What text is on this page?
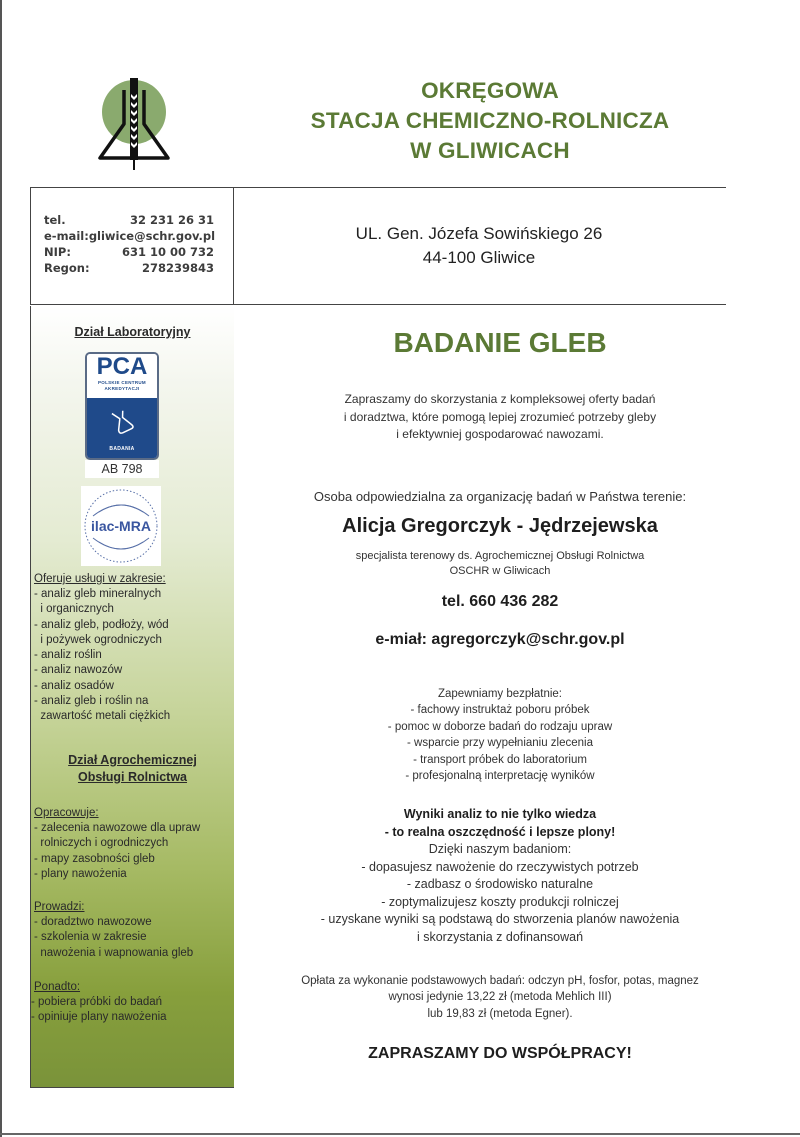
OKRĘGOWA
STACJA CHEMICZNO-ROLNICZA
W GLIWICACH
tel.	32 231 26 31
e-mail: gliwice@schr.gov.pl
NIP:	631 10 00 732
Regon:	278239843
UL. Gen. Józefa Sowińskiego 26
44-100 Gliwice
Dział Laboratoryjny
PCA
POLSKIE CENTRUM
AKREDYTACJI
BADANIA
AB 798
ilac-MRA
Oferuje usługi w zakresie:
- analiz gleb mineralnych
i organicznych
- analiz gleb, podłoży, wód
i pożywek ogrodniczych
- analiz roślin
- analiz nawozów
- analiz osadów
- analiz gleb i roślin na
zawartość metali ciężkich
Dział Agrochemicznej
Obsługi Rolnictwa
Opracowuje:
- zalecenia nawozowe dla upraw
rolniczych i ogrodniczych
- mapy zasobności gleb
- plany nawożenia
Prowadzi:
- doradztwo nawozowe
- szkolenia w zakresie
nawożenia i wapnowania gleb
Ponadto:
- pobiera próbki do badań
- opiniuje plany nawożenia
BADANIE GLEB
Zapraszamy do skorzystania z kompleksowej oferty badań
i doradztwa, które pomogą lepiej zrozumieć potrzeby gleby
i efektywniej gospodarować nawozami.
Osoba odpowiedzialna za organizację badań w Państwa terenie:
Alicja Gregorczyk - Jędrzejewska
specjalista terenowy ds. Agrochemicznej Obsługi Rolnictwa
OSCHR w Gliwicach
tel. 660 436 282
e-miał: agregorczyk@schr.gov.pl
Zapewniamy bezpłatnie:
- fachowy instruktaż poboru próbek
- pomoc w doborze badań do rodzaju upraw
- wsparcie przy wypełnianiu zlecenia
- transport próbek do laboratorium
- profesjonalną interpretację wyników
Wyniki analiz to nie tylko wiedza
- to realna oszczędność i lepsze plony!
Dzięki naszym badaniom:
- dopasujesz nawożenie do rzeczywistych potrzeb
- zadbasz o środowisko naturalne
- zoptymalizujesz koszty produkcji rolniczej
- uzyskane wyniki są podstawą do stworzenia planów nawożenia
i skorzystania z dofinansowań
Opłata za wykonanie podstawowych badań: odczyn pH, fosfor, potas, magnez
wynosi jedynie 13,22 zł (metoda Mehlich III)
lub 19,83 zł (metoda Egner).
ZAPRASZAMY DO WSPÓŁPRACY!
